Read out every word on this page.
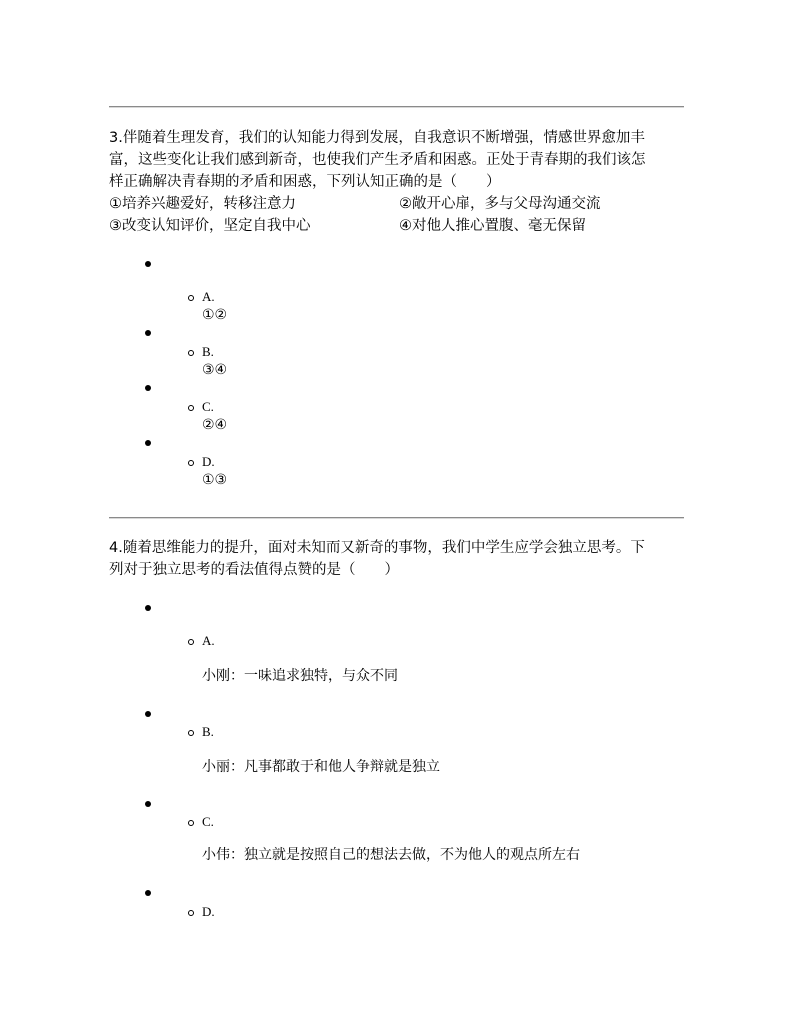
3.伴随着生理发育，我们的认知能力得到发展，自我意识不断增强，情感世界愈加丰
富，这些变化让我们感到新奇，也使我们产生矛盾和困惑。正处于青春期的我们该怎
样正确解决青春期的矛盾和困惑，下列认知正确的是（　　）
①培养兴趣爱好，转移注意力	②敞开心扉，多与父母沟通交流
③改变认知评价，坚定自我中心	④对他人推心置腹、毫无保留
A.
①②
B.
③④
C.
②④
D.
①③
4.随着思维能力的提升，面对未知而又新奇的事物，我们中学生应学会独立思考。下
列对于独立思考的看法值得点赞的是（　　）
A.
小刚：一味追求独特，与众不同
B.
小丽：凡事都敢于和他人争辩就是独立
C.
小伟：独立就是按照自己的想法去做，不为他人的观点所左右
D.
